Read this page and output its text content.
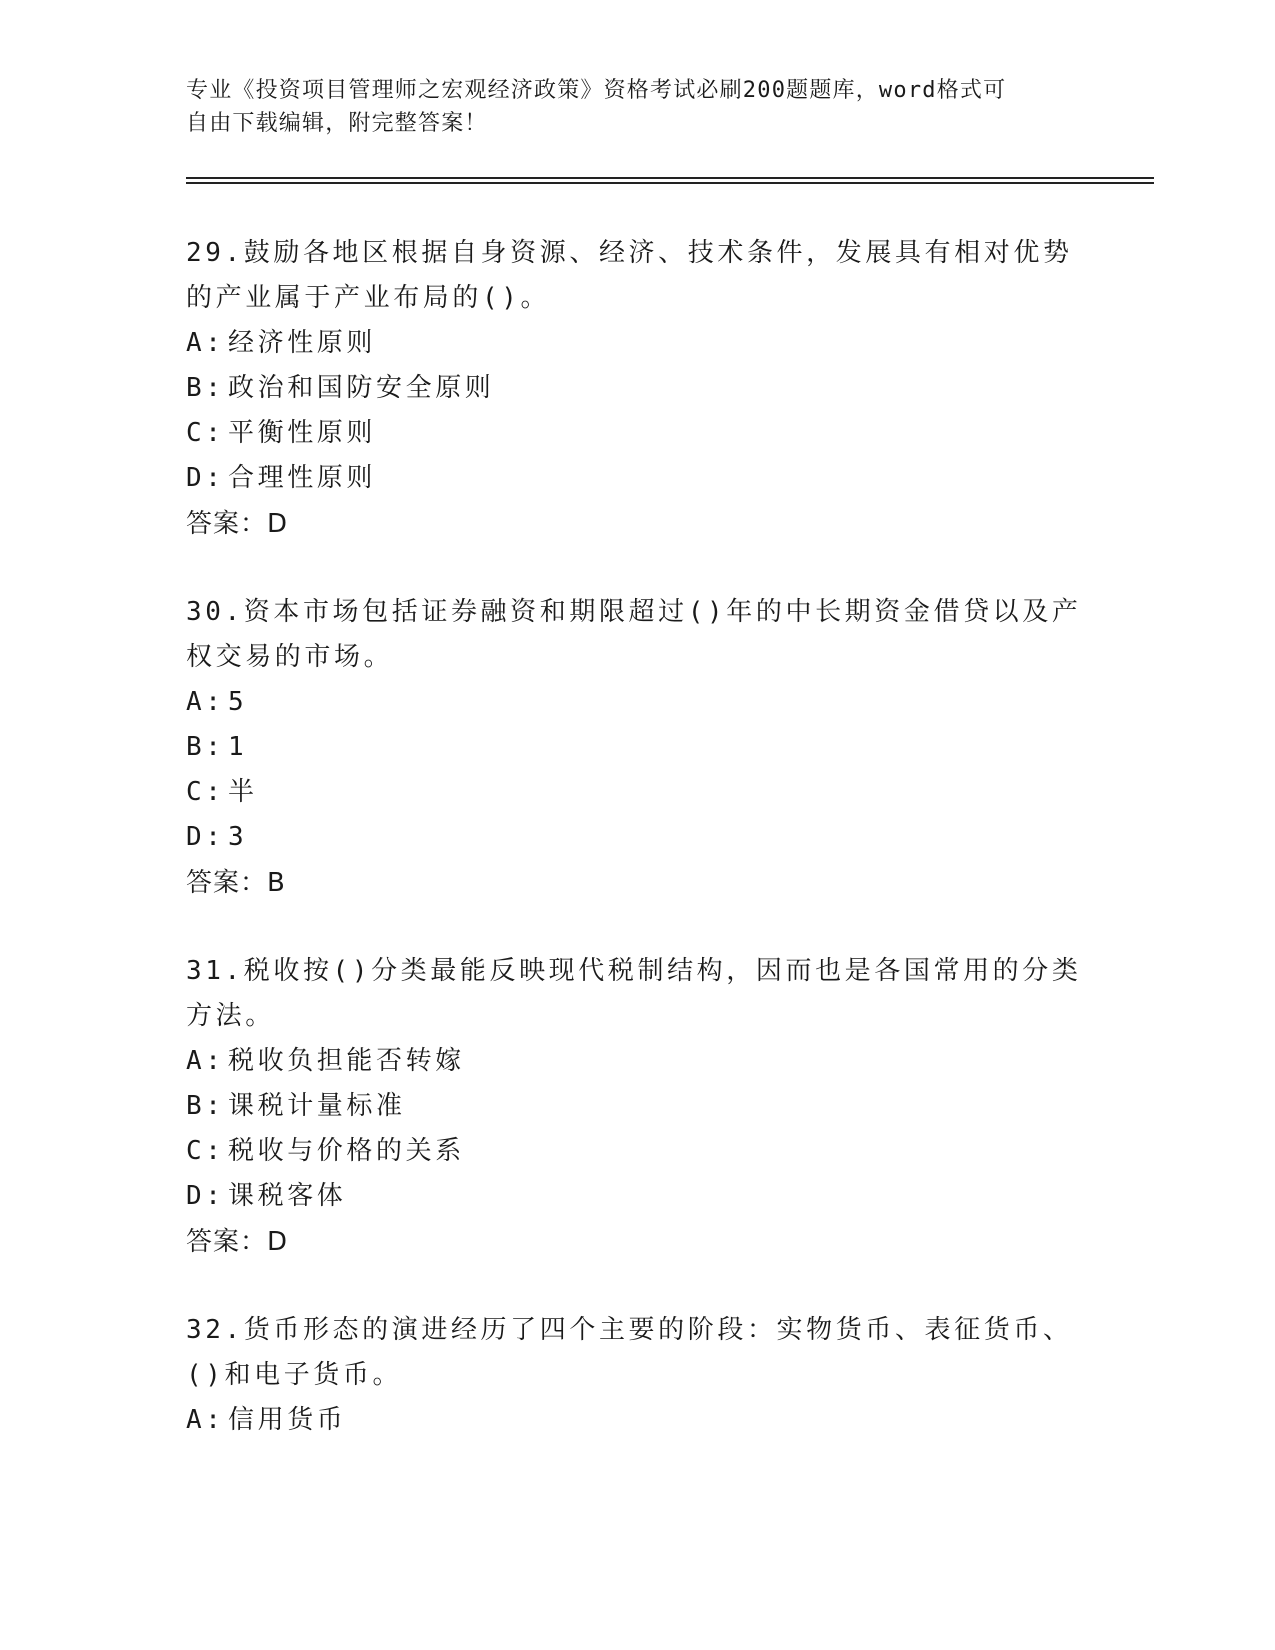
专业《投资项目管理师之宏观经济政策》资格考试必刷200题题库，word格式可
自由下载编辑，附完整答案！

29.鼓励各地区根据自身资源、经济、技术条件，发展具有相对优势的产业属于产业布局的()。

A: 经济性原则

B: 政治和国防安全原则

C: 平衡性原则

D: 合理性原则

答案：D

30.资本市场包括证券融资和期限超过()年的中长期资金借贷以及产权交易的市场。

A: 5

B: 1

C: 半

D: 3

答案：B

31.税收按()分类最能反映现代税制结构，因而也是各国常用的分类方法。

A: 税收负担能否转嫁

B: 课税计量标准

C: 税收与价格的关系

D: 课税客体

答案：D

32.货币形态的演进经历了四个主要的阶段：实物货币、表征货币、()和电子货币。

A: 信用货币
